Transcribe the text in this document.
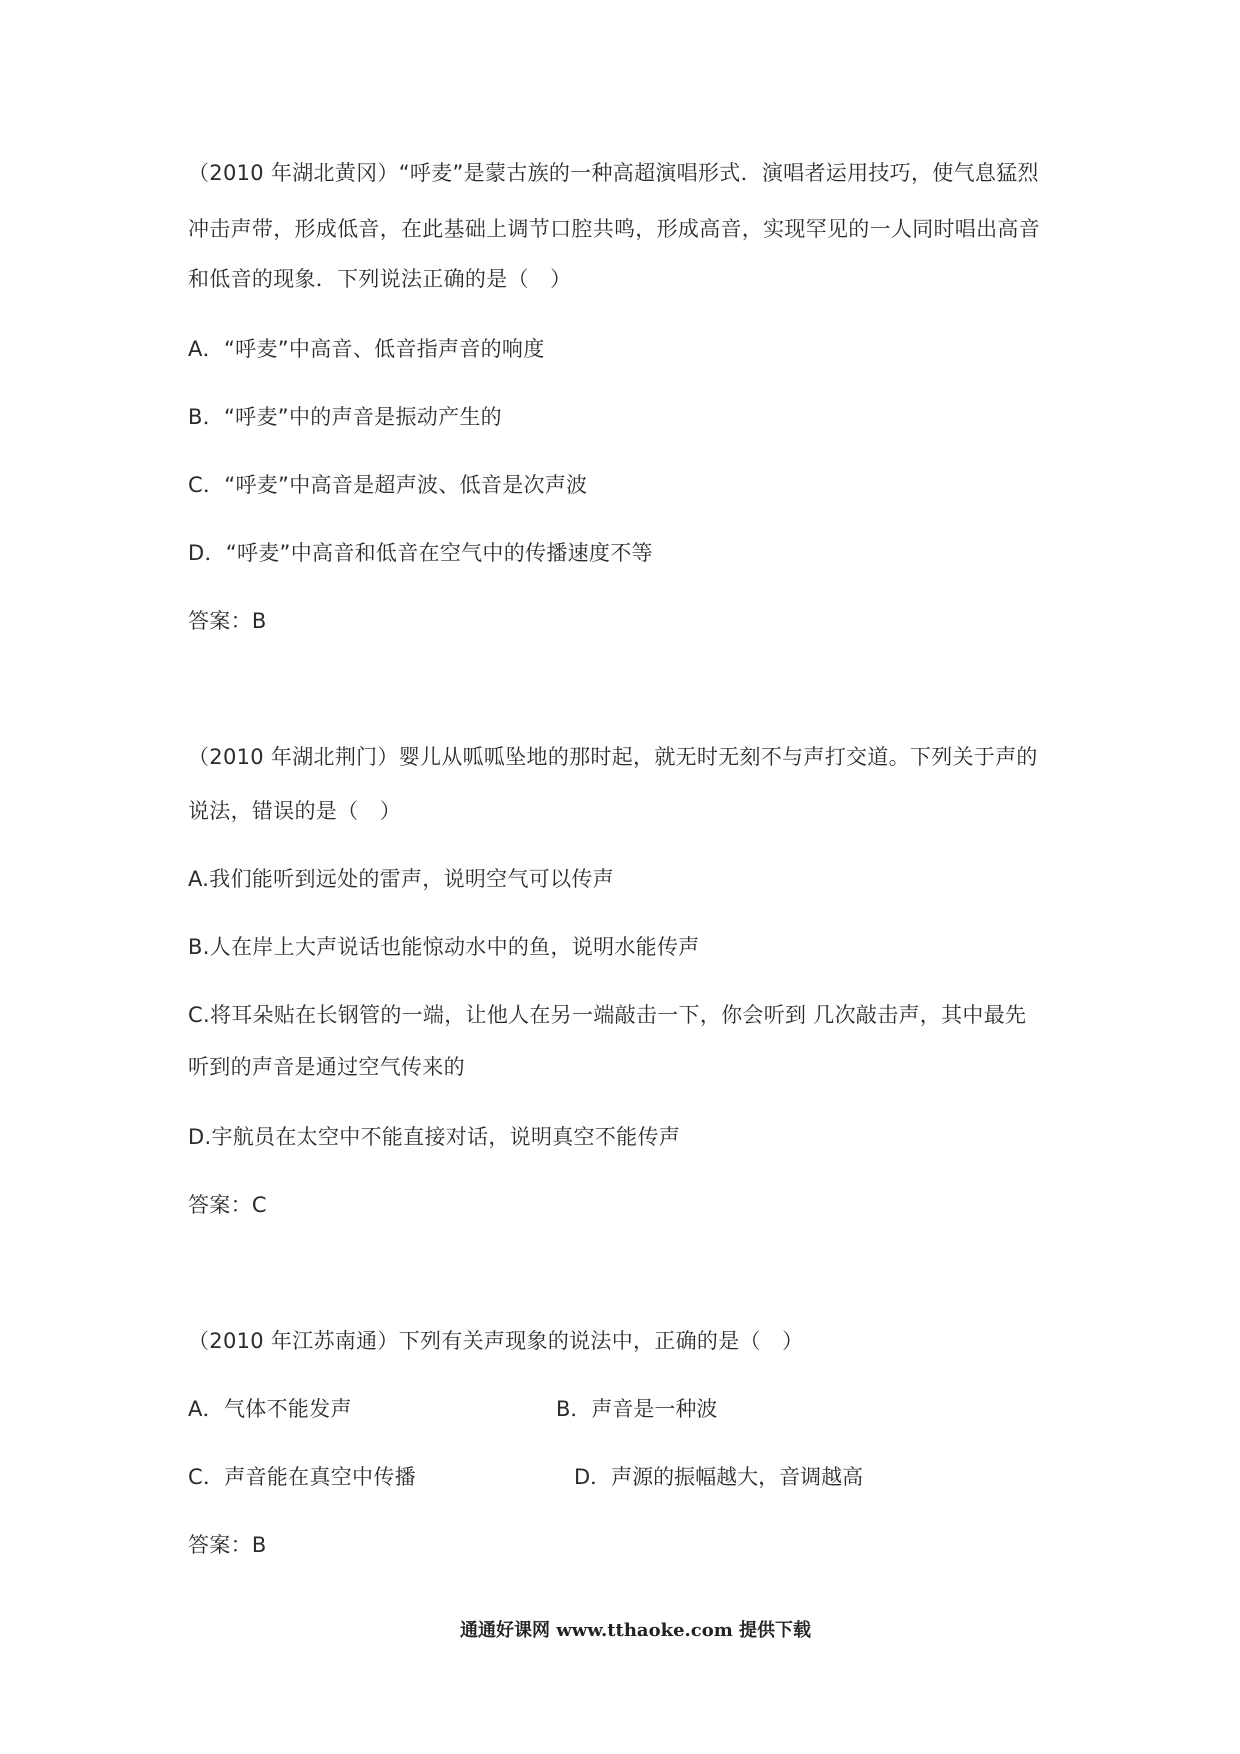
（2010 年湖北黄冈）“呼麦”是蒙古族的一种高超演唱形式．演唱者运用技巧，使气息猛烈
冲击声带，形成低音，在此基础上调节口腔共鸣，形成高音，实现罕见的一人同时唱出高音
和低音的现象．下列说法正确的是（　）
A．“呼麦”中高音、低音指声音的响度
B．“呼麦”中的声音是振动产生的
C．“呼麦”中高音是超声波、低音是次声波
D．“呼麦”中高音和低音在空气中的传播速度不等
答案：B
（2010 年湖北荆门）婴儿从呱呱坠地的那时起，就无时无刻不与声打交道。下列关于声的
说法，错误的是（　）
A.我们能听到远处的雷声，说明空气可以传声
B.人在岸上大声说话也能惊动水中的鱼，说明水能传声
C.将耳朵贴在长钢管的一端，让他人在另一端敲击一下，你会听到 几次敲击声，其中最先
听到的声音是通过空气传来的
D.宇航员在太空中不能直接对话，说明真空不能传声
答案：C
（2010 年江苏南通）下列有关声现象的说法中，正确的是（　）
A．气体不能发声	B．声音是一种波
C．声音能在真空中传播	D．声源的振幅越大，音调越高
答案：B
通通好课网 www.tthaoke.com 提供下载
